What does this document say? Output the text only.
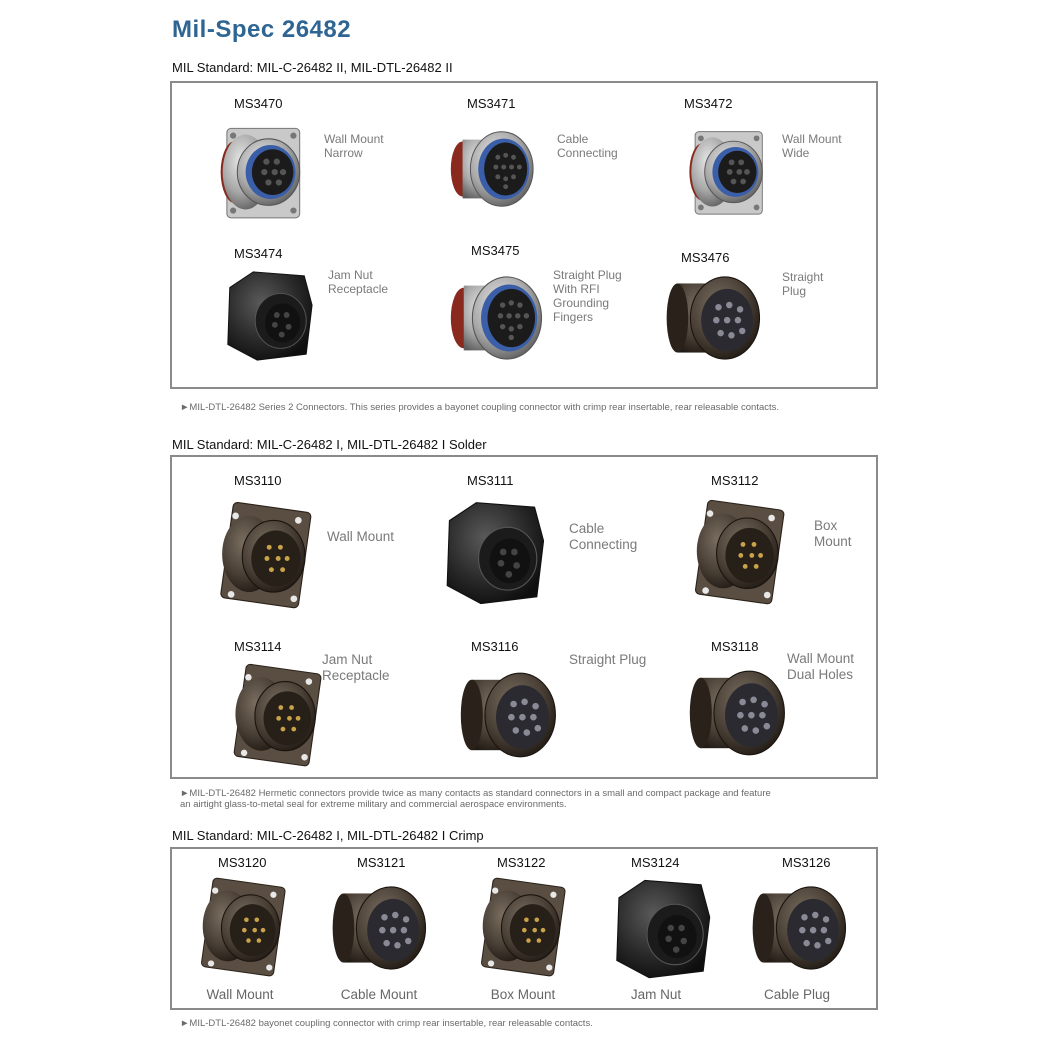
Mil-Spec 26482
MIL Standard: MIL-C-26482 II, MIL-DTL-26482 II
MS3470
Wall Mount
Narrow
MS3471
Cable
Connecting
MS3472
Wall Mount
Wide
MS3474
Jam Nut
Receptacle
MS3475
Straight Plug
With RFI
Grounding
Fingers
MS3476
Straight
Plug
►MIL-DTL-26482 Series 2 Connectors. This series provides a bayonet coupling connector with crimp rear insertable, rear releasable contacts.
MIL Standard: MIL-C-26482 I, MIL-DTL-26482 I Solder
MS3110
Wall Mount
MS3111
Cable
Connecting
MS3112
Box
Mount
MS3114
Jam Nut
Receptacle
MS3116
Straight Plug
MS3118
Wall Mount
Dual Holes
►MIL-DTL-26482 Hermetic connectors provide twice as many contacts as standard connectors in a small and compact package and feature
an airtight glass-to-metal seal for extreme military and commercial aerospace environments.
MIL Standard: MIL-C-26482 I, MIL-DTL-26482 I Crimp
MS3120
Wall Mount
MS3121
Cable Mount
MS3122
Box Mount
MS3124
Jam Nut
MS3126
Cable Plug
►MIL-DTL-26482 bayonet coupling connector with crimp rear insertable, rear releasable contacts.
